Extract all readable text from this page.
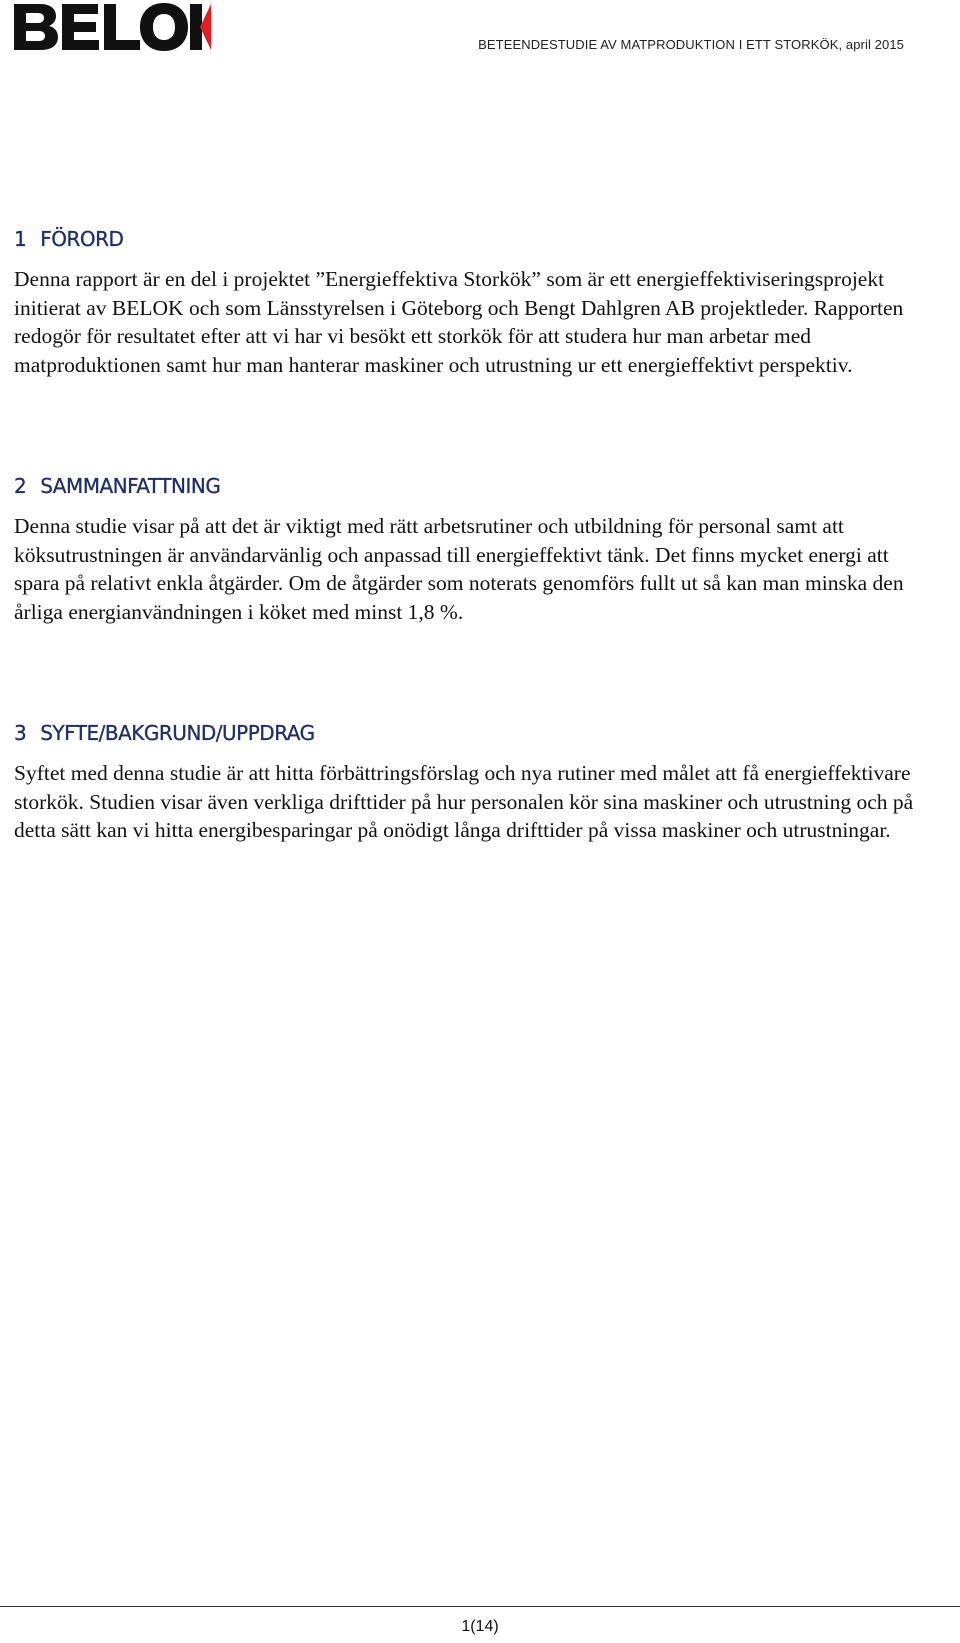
BETEENDESTUDIE AV MATPRODUKTION I ETT STORKÖK, april 2015
1 FÖRORD

Denna rapport är en del i projektet ”Energieffektiva Storkök” som är ett energieffektiviseringsprojekt initierat av BELOK och som Länsstyrelsen i Göteborg och Bengt Dahlgren AB projektleder. Rapporten redogör för resultatet efter att vi har vi besökt ett storkök för att studera hur man arbetar med matproduktionen samt hur man hanterar maskiner och utrustning ur ett energieffektivt perspektiv.

2 SAMMANFATTNING

Denna studie visar på att det är viktigt med rätt arbetsrutiner och utbildning för personal samt att köksutrustningen är användarvänlig och anpassad till energieffektivt tänk. Det finns mycket energi att spara på relativt enkla åtgärder. Om de åtgärder som noterats genomförs fullt ut så kan man minska den årliga energianvändningen i köket med minst 1,8 %.

3 SYFTE/BAKGRUND/UPPDRAG

Syftet med denna studie är att hitta förbättringsförslag och nya rutiner med målet att få energieffektivare storkök. Studien visar även verkliga drifttider på hur personalen kör sina maskiner och utrustning och på detta sätt kan vi hitta energibesparingar på onödigt långa drifttider på vissa maskiner och utrustningar.

1(14)
